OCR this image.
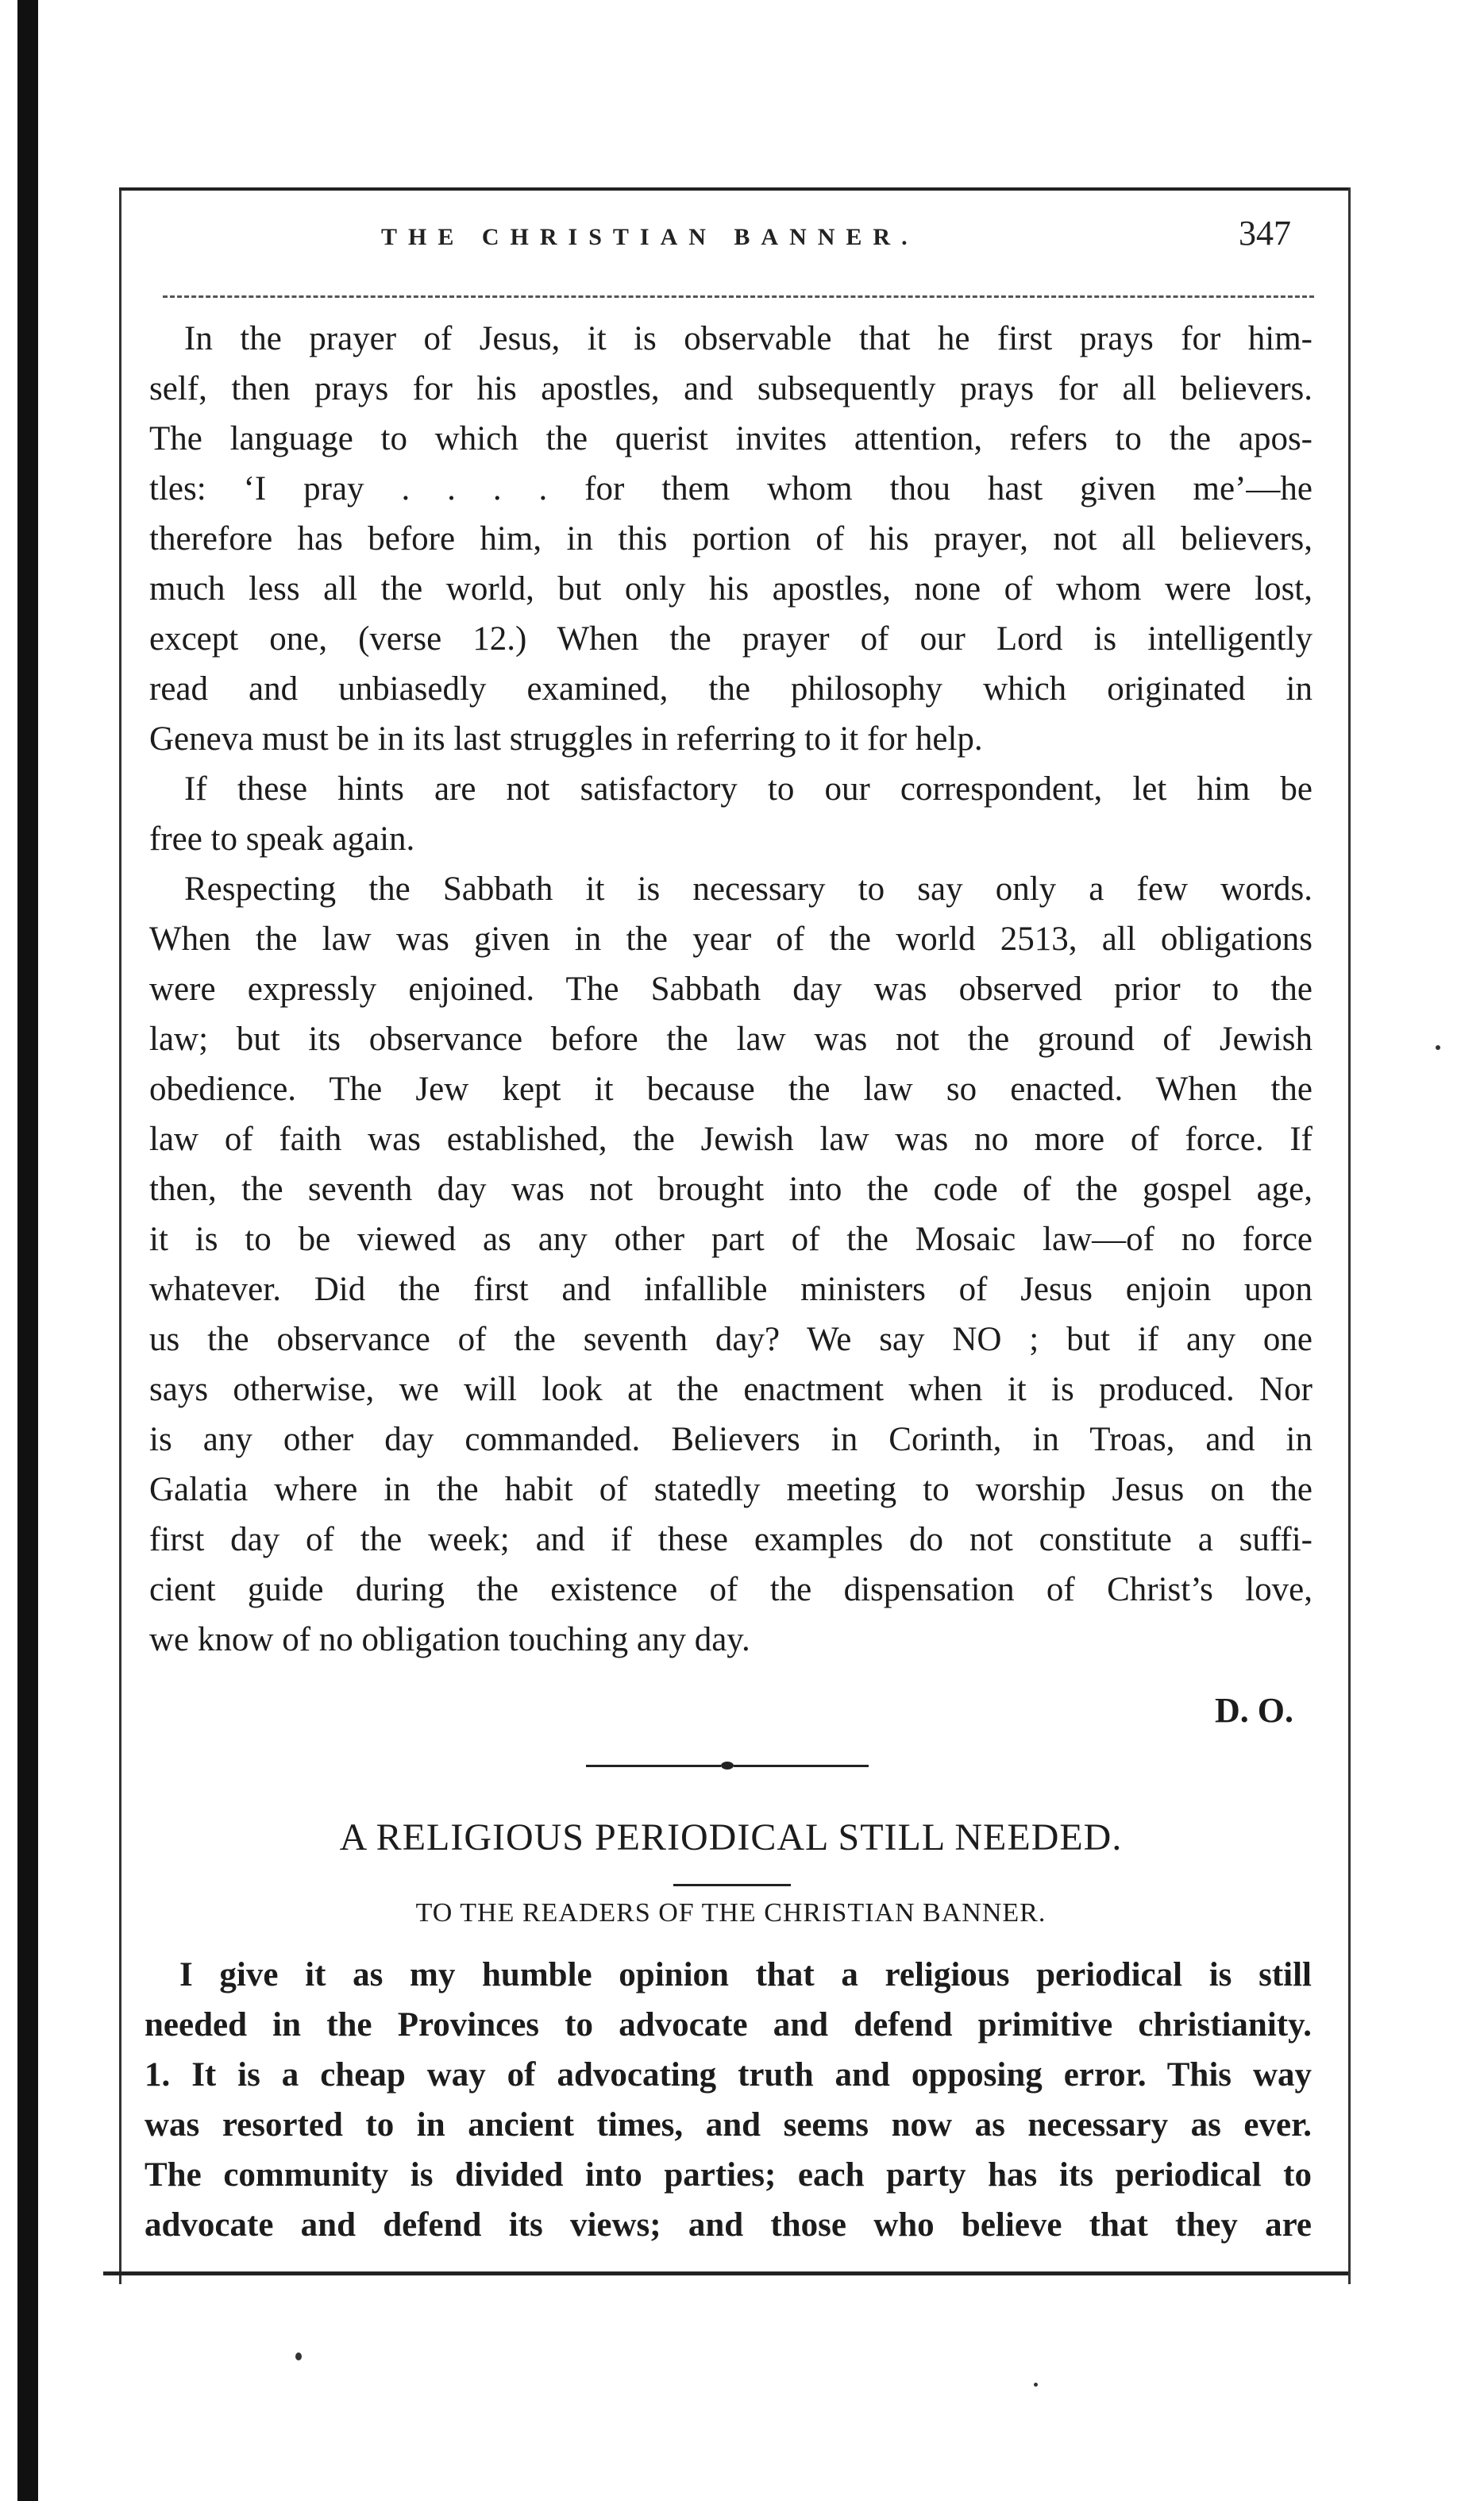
THE CHRISTIAN BANNER.	347
In the prayer of Jesus, it is observable that he first prays for him-
self, then prays for his apostles, and subsequently prays for all believers.
The language to which the querist invites attention, refers to the apos-
tles: ‘I pray . . . . for them whom thou hast given me’—he
therefore has before him, in this portion of his prayer, not all believers,
much less all the world, but only his apostles, none of whom were lost,
except one, (verse 12.) When the prayer of our Lord is intelligently
read and unbiasedly examined, the philosophy which originated in
Geneva must be in its last struggles in referring to it for help.
If these hints are not satisfactory to our correspondent, let him be
free to speak again.
Respecting the Sabbath it is necessary to say only a few words.
When the law was given in the year of the world 2513, all obligations
were expressly enjoined. The Sabbath day was observed prior to the
law; but its observance before the law was not the ground of Jewish
obedience. The Jew kept it because the law so enacted. When the
law of faith was established, the Jewish law was no more of force. If
then, the seventh day was not brought into the code of the gospel age,
it is to be viewed as any other part of the Mosaic law—of no force
whatever. Did the first and infallible ministers of Jesus enjoin upon
us the observance of the seventh day? We say NO ; but if any one
says otherwise, we will look at the enactment when it is produced. Nor
is any other day commanded. Believers in Corinth, in Troas, and in
Galatia where in the habit of statedly meeting to worship Jesus on the
first day of the week; and if these examples do not constitute a suffi-
cient guide during the existence of the dispensation of Christ’s love,
we know of no obligation touching any day.
D. O.
A RELIGIOUS PERIODICAL STILL NEEDED.
TO THE READERS OF THE CHRISTIAN BANNER.
I give it as my humble opinion that a religious periodical is still
needed in the Provinces to advocate and defend primitive christianity.
1. It is a cheap way of advocating truth and opposing error. This way
was resorted to in ancient times, and seems now as necessary as ever.
The community is divided into parties; each party has its periodical to
advocate and defend its views; and those who believe that they are
